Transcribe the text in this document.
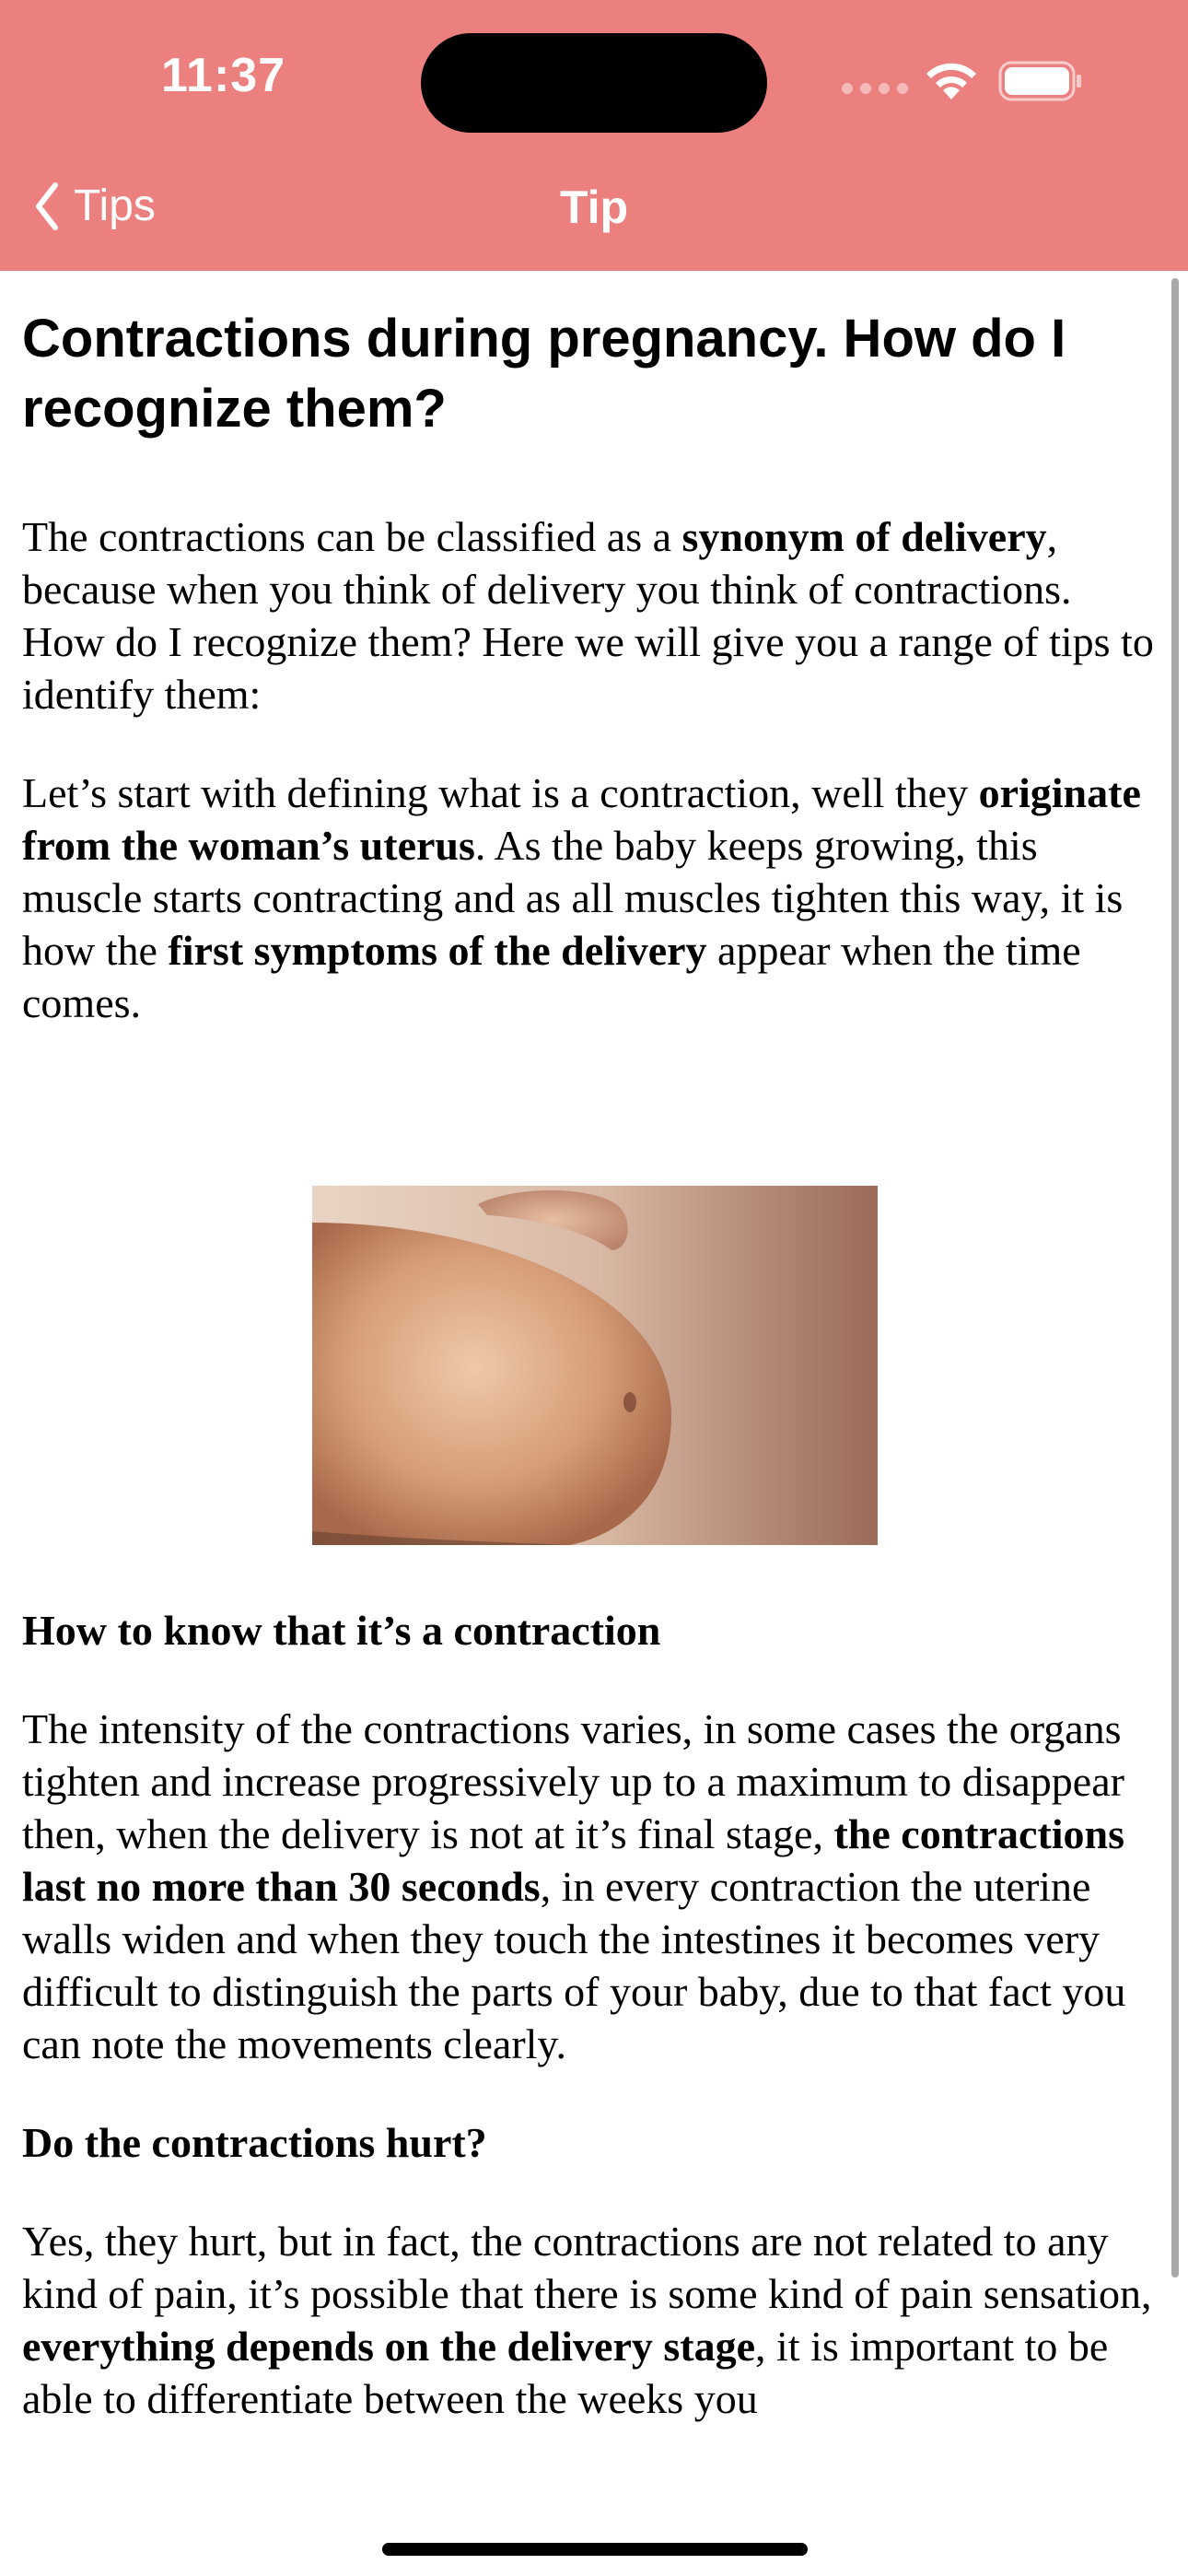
11:37
Tips	Tip
Contractions during pregnancy. How do I recognize them?

The contractions can be classified as a synonym of delivery, because when you think of delivery you think of contractions. How do I recognize them? Here we will give you a range of tips to identify them:

Let’s start with defining what is a contraction, well they originate from the woman’s uterus. As the baby keeps growing, this muscle starts contracting and as all muscles tighten this way, it is how the first symptoms of the delivery appear when the time comes.

How to know that it’s a contraction

The intensity of the contractions varies, in some cases the organs tighten and increase progressively up to a maximum to disappear then, when the delivery is not at it’s final stage, the contractions last no more than 30 seconds, in every contraction the uterine walls widen and when they touch the intestines it becomes very difficult to distinguish the parts of your baby, due to that fact you can note the movements clearly.

Do the contractions hurt?

Yes, they hurt, but in fact, the contractions are not related to any kind of pain, it’s possible that there is some kind of pain sensation, everything depends on the delivery stage, it is important to be able to differentiate between the weeks you
